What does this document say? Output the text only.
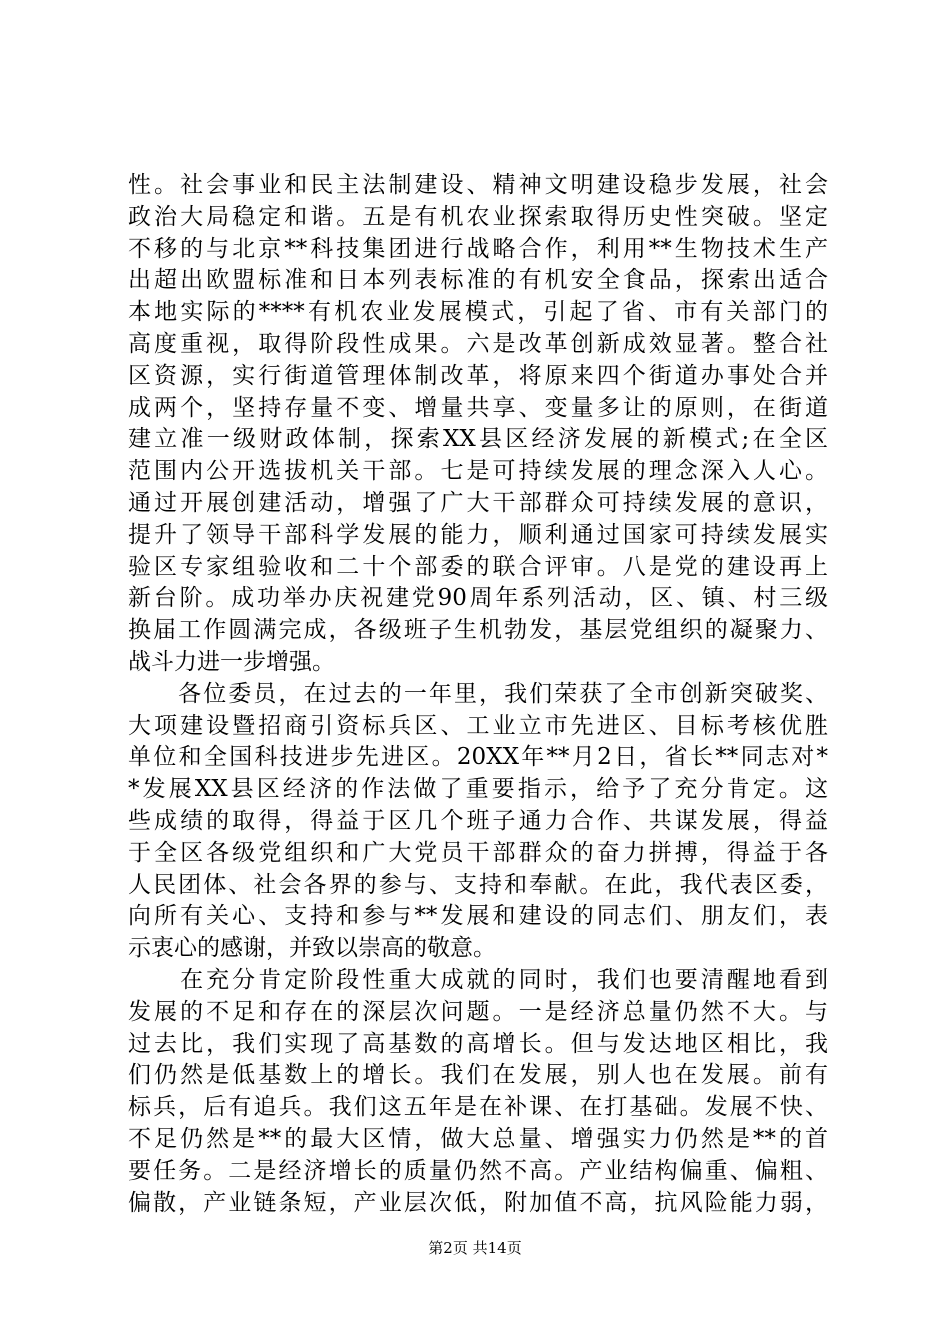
性。社会事业和民主法制建设、精神文明建设稳步发展，社会
政治大局稳定和谐。五是有机农业探索取得历史性突破。坚定
不移的与北京**科技集团进行战略合作，利用**生物技术生产
出超出欧盟标准和日本列表标准的有机安全食品，探索出适合
本地实际的****有机农业发展模式，引起了省、市有关部门的
高度重视，取得阶段性成果。六是改革创新成效显著。整合社
区资源，实行街道管理体制改革，将原来四个街道办事处合并
成两个，坚持存量不变、增量共享、变量多让的原则，在街道
建立准一级财政体制，探索XX县区经济发展的新模式;在全区
范围内公开选拔机关干部。七是可持续发展的理念深入人心。
通过开展创建活动，增强了广大干部群众可持续发展的意识，
提升了领导干部科学发展的能力，顺利通过国家可持续发展实
验区专家组验收和二十个部委的联合评审。八是党的建设再上
新台阶。成功举办庆祝建党90周年系列活动，区、镇、村三级
换届工作圆满完成，各级班子生机勃发，基层党组织的凝聚力、
战斗力进一步增强。
　　各位委员，在过去的一年里，我们荣获了全市创新突破奖、
大项建设暨招商引资标兵区、工业立市先进区、目标考核优胜
单位和全国科技进步先进区。20XX年**月2日，省长**同志对*
*发展XX县区经济的作法做了重要指示，给予了充分肯定。这
些成绩的取得，得益于区几个班子通力合作、共谋发展，得益
于全区各级党组织和广大党员干部群众的奋力拼搏，得益于各
人民团体、社会各界的参与、支持和奉献。在此，我代表区委，
向所有关心、支持和参与**发展和建设的同志们、朋友们，表
示衷心的感谢，并致以崇高的敬意。
　　在充分肯定阶段性重大成就的同时，我们也要清醒地看到
发展的不足和存在的深层次问题。一是经济总量仍然不大。与
过去比，我们实现了高基数的高增长。但与发达地区相比，我
们仍然是低基数上的增长。我们在发展，别人也在发展。前有
标兵，后有追兵。我们这五年是在补课、在打基础。发展不快、
不足仍然是**的最大区情，做大总量、增强实力仍然是**的首
要任务。二是经济增长的质量仍然不高。产业结构偏重、偏粗、
偏散，产业链条短，产业层次低，附加值不高，抗风险能力弱，
第2页 共14页
